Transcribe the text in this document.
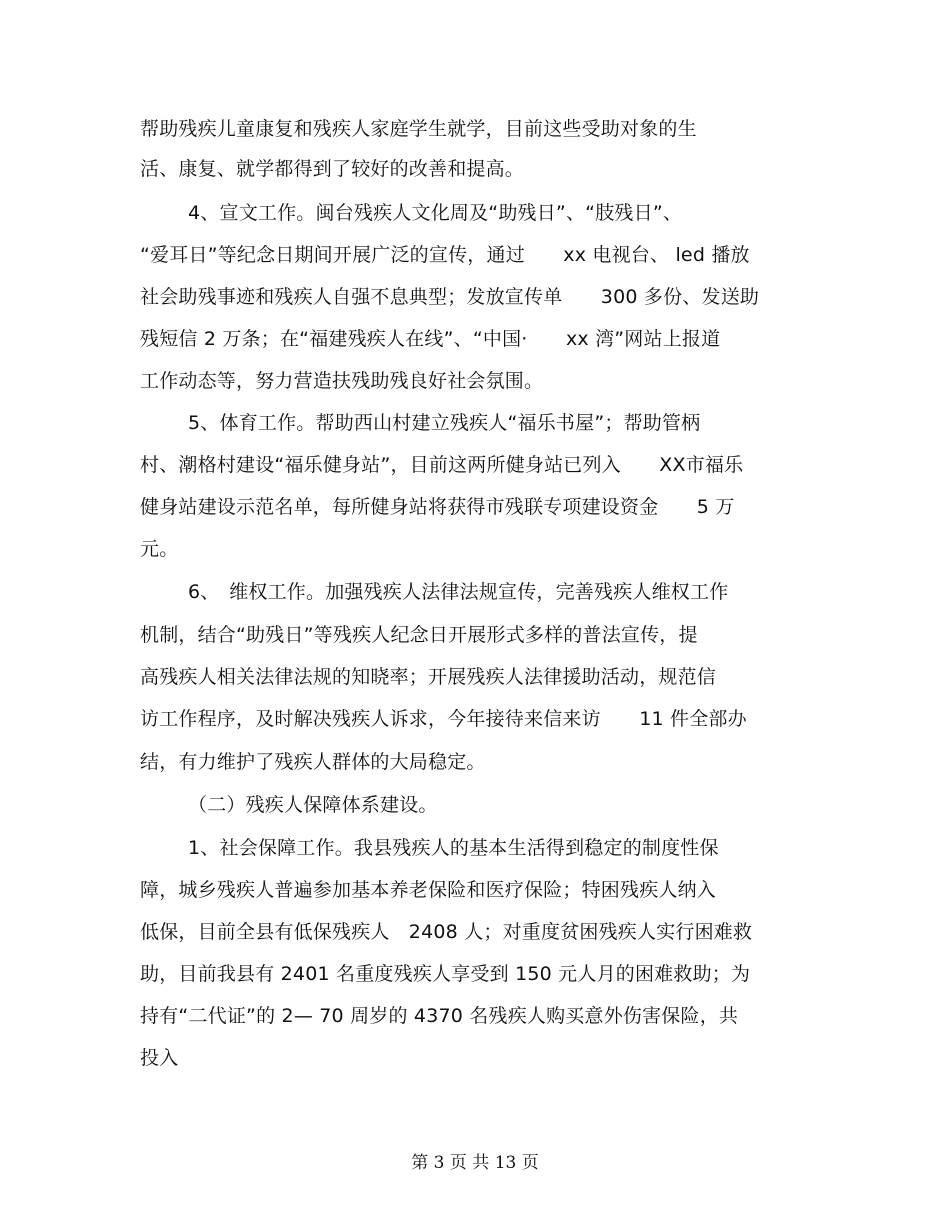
帮助残疾儿童康复和残疾人家庭学生就学，目前这些受助对象的生
活、康复、就学都得到了较好的改善和提高。
4、宣文工作。闽台残疾人文化周及“助残日”、“肢残日”、
“爱耳日”等纪念日期间开展广泛的宣传，通过　　xx 电视台、 led 播放
社会助残事迹和残疾人自强不息典型；发放宣传单　　300 多份、发送助
残短信 2 万条；在“福建残疾人在线”、“中国·　　xx 湾”网站上报道
工作动态等，努力营造扶残助残良好社会氛围。
5、体育工作。帮助西山村建立残疾人“福乐书屋”；帮助管柄
村、潮格村建设“福乐健身站”，目前这两所健身站已列入　　XX市福乐
健身站建设示范名单，每所健身站将获得市残联专项建设资金　　5 万
元。
6、　维权工作。加强残疾人法律法规宣传，完善残疾人维权工作
机制，结合“助残日”等残疾人纪念日开展形式多样的普法宣传，提
高残疾人相关法律法规的知晓率；开展残疾人法律援助活动，规范信
访工作程序，及时解决残疾人诉求，今年接待来信来访　　11 件全部办
结，有力维护了残疾人群体的大局稳定。
（二）残疾人保障体系建设。
1、社会保障工作。我县残疾人的基本生活得到稳定的制度性保
障，城乡残疾人普遍参加基本养老保险和医疗保险；特困残疾人纳入
低保，目前全县有低保残疾人　2408 人；对重度贫困残疾人实行困难救
助，目前我县有 2401 名重度残疾人享受到 150 元人月的困难救助；为
持有“二代证”的 2— 70 周岁的 4370 名残疾人购买意外伤害保险，共
投入
第 3 页 共 13 页
